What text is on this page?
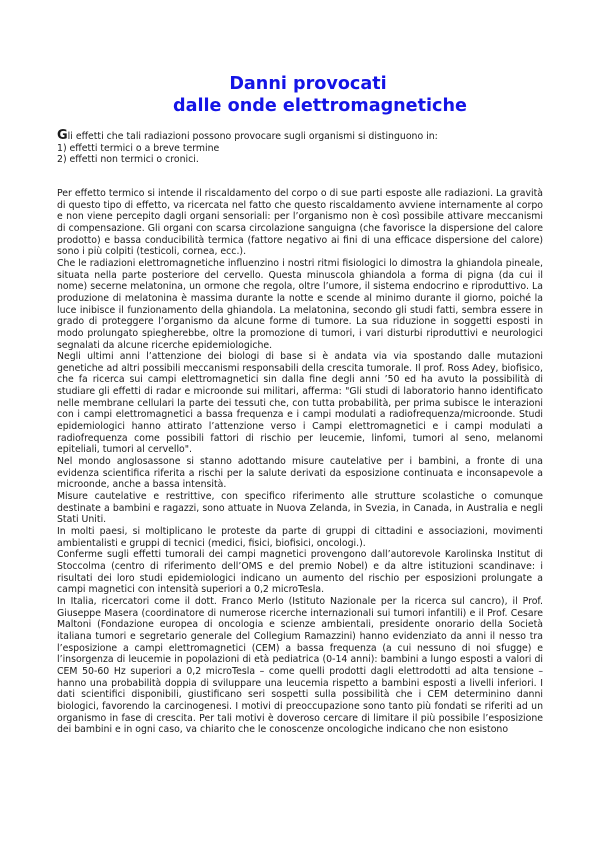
Danni provocati
dalle onde elettromagnetiche
Gli effetti che tali radiazioni possono provocare sugli organismi si distinguono in:
1) effetti termici o a breve termine
2) effetti non termici o cronici.

Per effetto termico si intende il riscaldamento del corpo o di sue parti esposte alle radiazioni. La gravità di questo tipo di effetto, va ricercata nel fatto che questo riscaldamento avviene internamente al corpo e non viene percepito dagli organi sensoriali: per l’organismo non è così possibile attivare meccanismi di compensazione. Gli organi con scarsa circolazione sanguigna (che favorisce la dispersione del calore prodotto) e bassa conducibilità termica (fattore negativo ai fini di una efficace dispersione del calore) sono i più colpiti (testicoli, cornea, ecc.).

Che le radiazioni elettromagnetiche influenzino i nostri ritmi fisiologici lo dimostra la ghiandola pineale, situata nella parte posteriore del cervello. Questa minuscola ghiandola a forma di pigna (da cui il nome) secerne melatonina, un ormone che regola, oltre l’umore, il sistema endocrino e riproduttivo. La produzione di melatonina è massima durante la notte e scende al minimo durante il giorno, poiché la luce inibisce il funzionamento della ghiandola. La melatonina, secondo gli studi fatti, sembra essere in grado di proteggere l’organismo da alcune forme di tumore. La sua riduzione in soggetti esposti in modo prolungato spiegherebbe, oltre la promozione di tumori, i vari disturbi riproduttivi e neurologici segnalati da alcune ricerche epidemiologiche.

Negli ultimi anni l’attenzione dei biologi di base si è andata via via spostando dalle mutazioni genetiche ad altri possibili meccanismi responsabili della crescita tumorale. Il prof. Ross Adey, biofisico, che fa ricerca sui campi elettromagnetici sin dalla fine degli anni ’50 ed ha avuto la possibilità di studiare gli effetti di radar e microonde sui militari, afferma: "Gli studi di laboratorio hanno identificato nelle membrane cellulari la parte dei tessuti che, con tutta probabilità, per prima subisce le interazioni con i campi elettromagnetici a bassa frequenza e i campi modulati a radiofrequenza/microonde. Studi epidemiologici hanno attirato l’attenzione verso i Campi elettromagnetici e i campi modulati a radiofrequenza come possibili fattori di rischio per leucemie, linfomi, tumori al seno, melanomi epiteliali, tumori al cervello".

Nel mondo anglosassone si stanno adottando misure cautelative per i bambini, a fronte di una evidenza scientifica riferita a rischi per la salute derivati da esposizione continuata e inconsapevole a microonde, anche a bassa intensità.

Misure cautelative e restrittive, con specifico riferimento alle strutture scolastiche o comunque destinate a bambini e ragazzi, sono attuate in Nuova Zelanda, in Svezia, in Canada, in Australia e negli Stati Uniti.

In molti paesi, si moltiplicano le proteste da parte di gruppi di cittadini e associazioni, movimenti ambientalisti e gruppi di tecnici (medici, fisici, biofisici, oncologi.).

Conferme sugli effetti tumorali dei campi magnetici provengono dall’autorevole Karolinska Institut di Stoccolma (centro di riferimento dell’OMS e del premio Nobel) e da altre istituzioni scandinave: i risultati dei loro studi epidemiologici indicano un aumento del rischio per esposizioni prolungate a campi magnetici con intensità superiori a 0,2 microTesla.

In Italia, ricercatori come il dott. Franco Merlo (Istituto Nazionale per la ricerca sul cancro), il Prof. Giuseppe Masera (coordinatore di numerose ricerche internazionali sui tumori infantili) e il Prof. Cesare Maltoni (Fondazione europea di oncologia e scienze ambientali, presidente onorario della Società italiana tumori e segretario generale del Collegium Ramazzini) hanno evidenziato da anni il nesso tra l’esposizione a campi elettromagnetici (CEM) a bassa frequenza (a cui nessuno di noi sfugge) e l’insorgenza di leucemie in popolazioni di età pediatrica (0-14 anni): bambini a lungo esposti a valori di CEM 50-60 Hz superiori a 0,2 microTesla – come quelli prodotti dagli elettrodotti ad alta tensione – hanno una probabilità doppia di sviluppare una leucemia rispetto a bambini esposti a livelli inferiori. I dati scientifici disponibili, giustificano seri sospetti sulla possibilità che i CEM determinino danni biologici, favorendo la carcinogenesi. I motivi di preoccupazione sono tanto più fondati se riferiti ad un organismo in fase di crescita. Per tali motivi è doveroso cercare di limitare il più possibile l’esposizione dei bambini e in ogni caso, va chiarito che le conoscenze oncologiche indicano che non esistono
